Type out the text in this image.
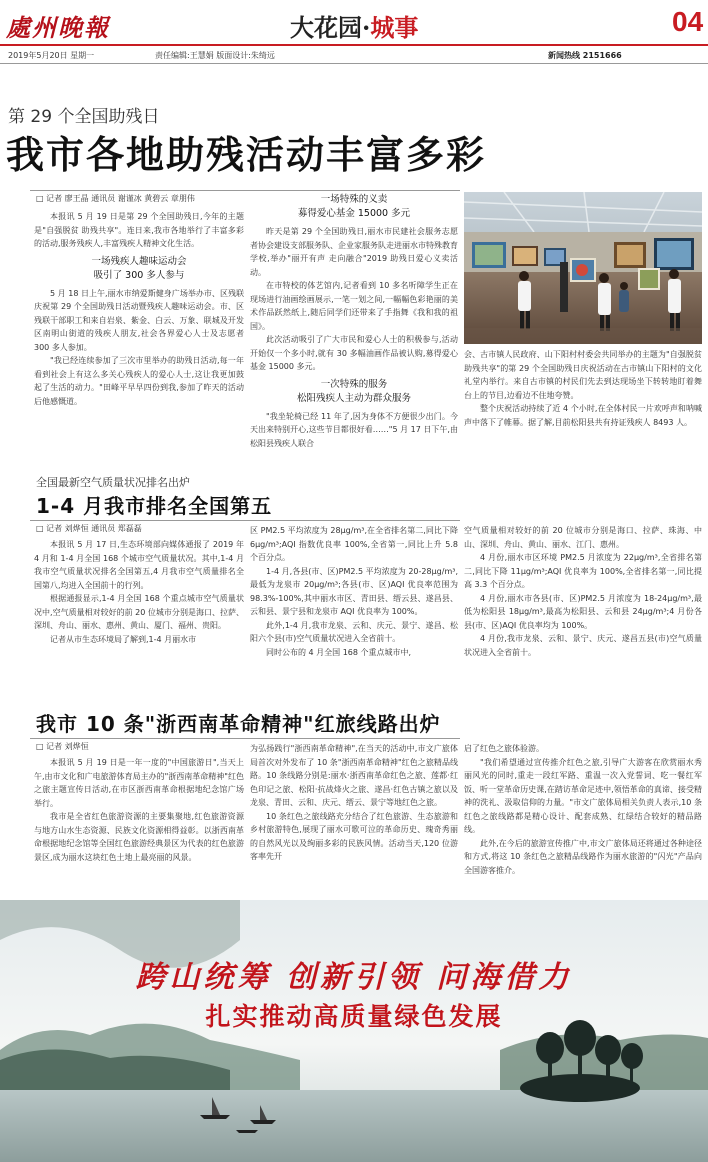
處州晚報	大花园·城事	04
2019年5月20日 星期一	责任编辑:王慧娟 版面设计:朱绮远	新闻热线 2151666
第 29 个全国助残日
我市各地助残活动丰富多彩
□ 记者 廖王晶 通讯员 谢谨冰 黄碧云 章朋伟

本报讯 5 月 19 日是第 29 个全国助残日,今年的主题是"自强脱贫 助残共享"。连日来,我市各地举行了丰富多彩的活动,服务残疾人,丰富残疾人精神文化生活。

一场残疾人趣味运动会
吸引了 300 多人参与

5 月 18 日上午,丽水市纳爱斯健身广场举办市、区残联庆祝第 29 个全国助残日活动暨残疾人趣味运动会。市、区残联干部职工和来自岩泉、紫金、白云、万象、联城及开发区南明山街道的残疾人朋友,社会各界爱心人士及志愿者 300 多人参加。

"我已经连续参加了三次市里举办的助残日活动,每一年看到社会上有这么多关心残疾人的爱心人士,这让我更加鼓起了生活的动力。"田峰平早早四份到我,参加了昨天的活动后他感慨道。

一场特殊的义卖
募得爱心基金 15000 多元

昨天是第 29 个全国助残日,丽水市民建社会服务志愿者协会建设支部服务队、企业家服务队走进丽水市特殊教育学校,举办"丽开有声 走向融合"2019 助残日爱心义卖活动。

在市特校的体艺馆内,记者看到 10 多名听障学生正在现场进行油画绘画展示,一笔一划之间,一幅幅色彩艳丽的美术作品跃然纸上,随后同学们还带来了手指舞《我和我的祖国》。

此次活动吸引了广大市民和爱心人士的积极参与,活动开始仅一个多小时,就有 30 多幅油画作品被认购,募得爱心基金 15000 多元。

一次特殊的服务
松阳残疾人主动为群众服务

"我坐轮椅已经 11 年了,因为身体不方便很少出门。今天出来特别开心,这些节目都很好看……"5 月 17 日下午,由松阳县残疾人联合

会、古市镇人民政府、山下阳村村委会共同举办的主题为"自强脱贫 助残共享"的第 29 个全国助残日庆祝活动在古市镇山下阳村的文化礼堂内举行。来自古市镇的村民们先去到达现场坐下转转地盯着舞台上的节目,边看边不住地夸赞。

整个庆祝活动持续了近 4 个小时,在全体村民一片欢呼声和呐喊声中落下了帷幕。据了解,目前松阳县共有持证残疾人 8493 人。

全国最新空气质量状况排名出炉
1-4 月我市排名全国第五
□ 记者 刘烨恒 通讯员 郑磊磊

本报讯 5 月 17 日,生态环境部向媒体通报了 2019 年 4 月和 1-4 月全国 168 个城市空气质量状况。其中,1-4 月我市空气质量状况排名全国第五,4 月我市空气质量排名全国第八,均进入全国前十的行列。

根据通报显示,1-4 月全国 168 个重点城市空气质量状况中,空气质量相对较好的前 20 位城市分别是海口、拉萨、深圳、舟山、丽水、惠州、黄山、厦门、福州、贵阳。

记者从市生态环境局了解到,1-4 月丽水市

区 PM2.5 平均浓度为 28μg/m³,在全省排名第二,同比下降 6μg/m³;AQI 指数优良率 100%,全省第一,同比上升 5.8 个百分点。

1-4 月,各县(市、区)PM2.5 平均浓度为 20-28μg/m³,最低为龙泉市 20μg/m³;各县(市、区)AQI 优良率范围为 98.3%-100%,其中丽水市区、青田县、缙云县、遂昌县、云和县、景宁县和龙泉市 AQI 优良率为 100%。

此外,1-4 月,我市龙泉、云和、庆元、景宁、遂昌、松阳六个县(市)空气质量状况进入全省前十。

同时公布的 4 月全国 168 个重点城市中,

空气质量相对较好的前 20 位城市分别是海口、拉萨、珠海、中山、深圳、舟山、黄山、丽水、江门、惠州。

4 月份,丽水市区环境 PM2.5 月浓度为 22μg/m³,全省排名第二,同比下降 11μg/m³;AQI 优良率为 100%,全省排名第一,同比提高 3.3 个百分点。

4 月份,丽水市各县(市、区)PM2.5 月浓度为 18-24μg/m³,最低为松阳县 18μg/m³,最高为松阳县、云和县 24μg/m³;4 月份各县(市、区)AQI 优良率均为 100%。

4 月份,我市龙泉、云和、景宁、庆元、遂昌五县(市)空气质量状况进入全省前十。

我市 10 条"浙西南革命精神"红旅线路出炉
□ 记者 刘烨恒

本报讯 5 月 19 日是一年一度的"中国旅游日",当天上午,由市文化和广电旅游体育局主办的"浙西南革命精神"红色之旅主题宣传日活动,在市区浙西南革命根据地纪念馆广场举行。

我市是全省红色旅游资源的主要集聚地,红色旅游资源与地方山水生态资源、民族文化资源相得益彰。以浙西南革命根据地纪念馆等全国红色旅游经典景区为代表的红色旅游景区,成为丽水这块红色土地上最亮丽的风景。

为弘扬践行"浙西南革命精神",在当天的活动中,市文广旅体局首次对外发布了 10 条"浙西南革命精神"红色之旅精品线路。10 条线路分别是:丽水·浙西南革命红色之旅、莲都·红色印记之旅、松阳·抗战烽火之旅、遂昌·红色古镇之旅以及龙泉、青田、云和、庆元、缙云、景宁等地红色之旅。

10 条红色之旅线路充分结合了红色旅游、生态旅游和乡村旅游特色,展现了丽水可歌可泣的革命历史、瑰奇秀丽的自然风光以及绚丽多彩的民族风情。活动当天,120 位游客率先开

启了红色之旅体验游。

"我们希望通过宣传推介红色之旅,引导广大游客在欣赏丽水秀丽风光的同时,重走一段红军路、重温一次入党誓词、吃一餐红军饭、听一堂革命历史课,在踏访革命足迹中,领悟革命的真谛、接受精神的洗礼、汲取信仰的力量。"市文广旅体局相关负责人表示,10 条红色之旅线路都是精心设计、配套成熟、红绿结合较好的精品路线。

此外,在今后的旅游宣传推广中,市文广旅体局还将通过各种途径和方式,将这 10 条红色之旅精品线路作为丽水旅游的"闪光"产品向全国游客推介。

跨山统筹 创新引领 问海借力
扎实推动高质量绿色发展
